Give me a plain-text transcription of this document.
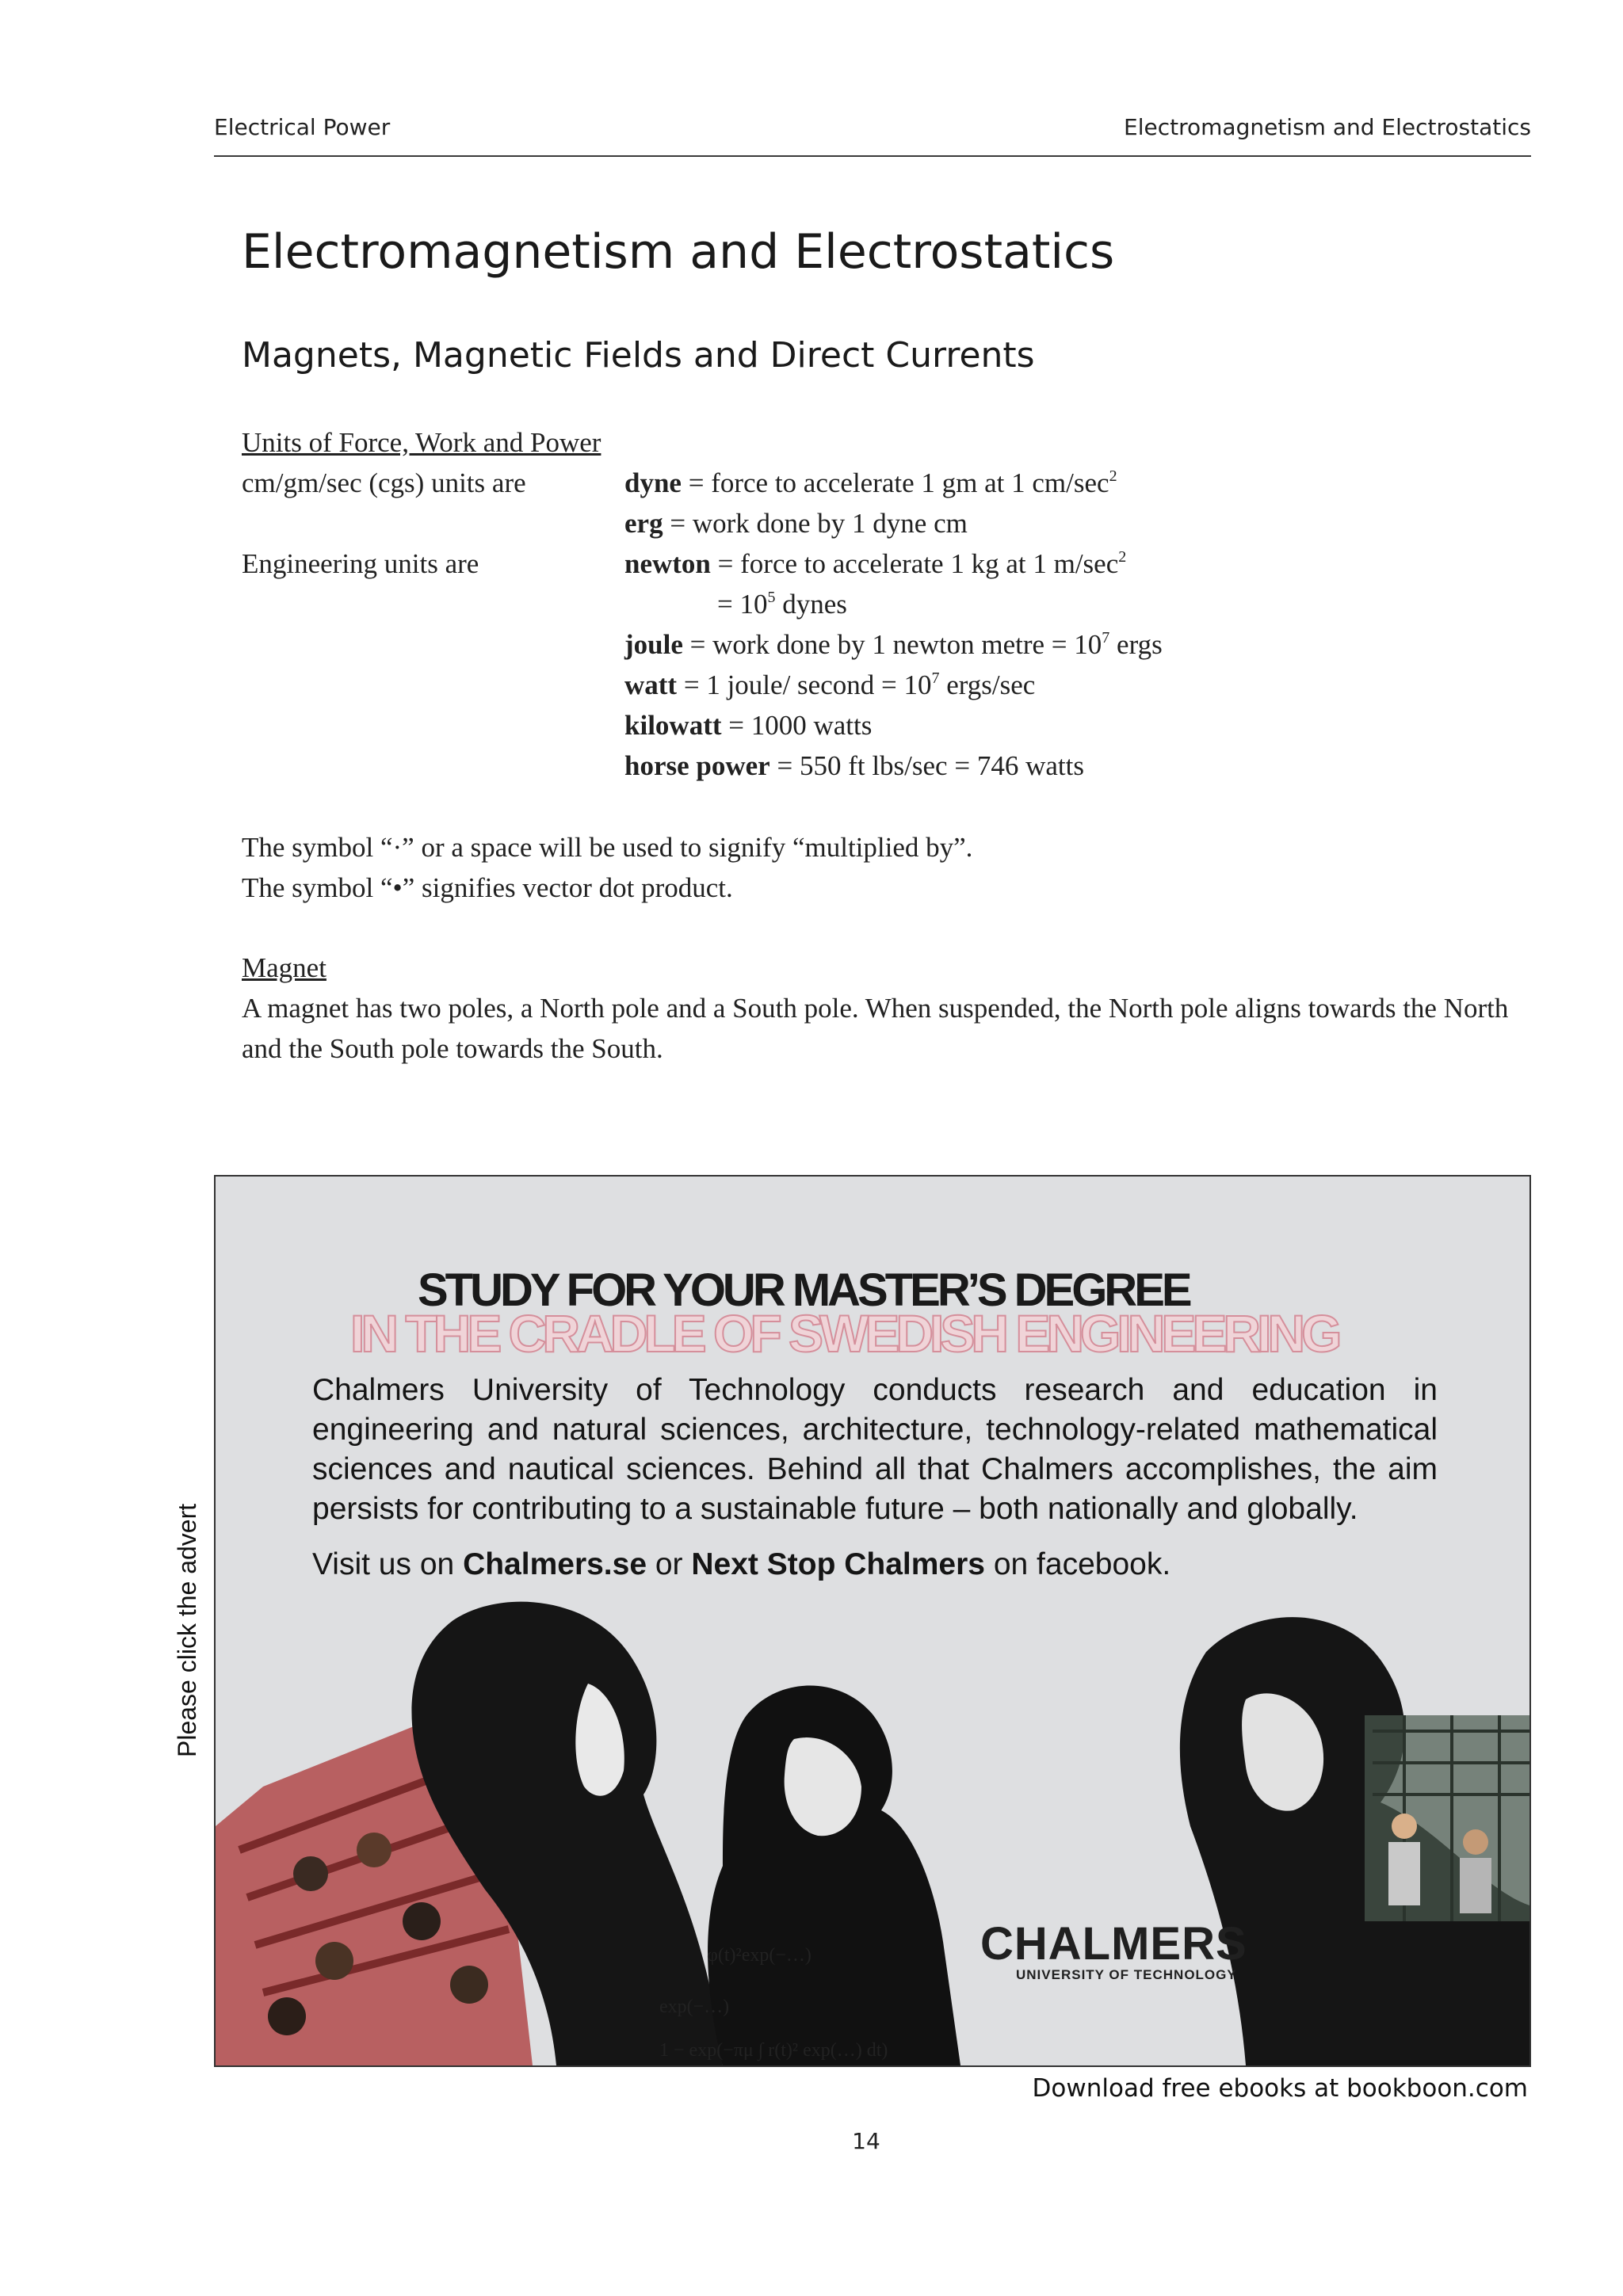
Electrical Power	Electromagnetism and Electrostatics
Electromagnetism and Electrostatics
Magnets, Magnetic Fields and Direct Currents
Units of Force, Work and Power
cm/gm/sec (cgs) units are	dyne = force to accelerate 1 gm at 1 $cm/\sec^2$
erg = work done by 1 dyne cm
Engineering units are	newton = force to accelerate 1 kg at 1 $m/\sec^2$
= $10^5$ dynes
joule = work done by 1 newton metre = $10^7$ ergs
watt = 1 joule/ second = $10^7$ ergs/sec
kilowatt = 1000 watts
horse power = 550 ft lbs/sec = 746 watts
The symbol “·” or a space will be used to signify “multiplied by”.
The symbol “•” signifies vector dot product.
Magnet
A magnet has two poles, a North pole and a South pole. When suspended, the North pole aligns towards the North and the South pole towards the South.
Please click the advert
φ(t)²exp(−…)
exp(−…)
1 − exp(−πμ ∫ r(t)² exp(…) dt)
STUDY FOR YOUR MASTER’S DEGREE
IN THE CRADLE OF SWEDISH ENGINEERING
Chalmers University of Technology conducts research and education in engineering and natural sciences, architecture, technology-related mathematical sciences and nautical sciences. Behind all that Chalmers accomplishes, the aim persists for contributing to a sustainable future – both nationally and globally.
Visit us on Chalmers.se or Next Stop Chalmers on facebook.
CHALMERS
UNIVERSITY OF TECHNOLOGY
Download free ebooks at bookboon.com
14
